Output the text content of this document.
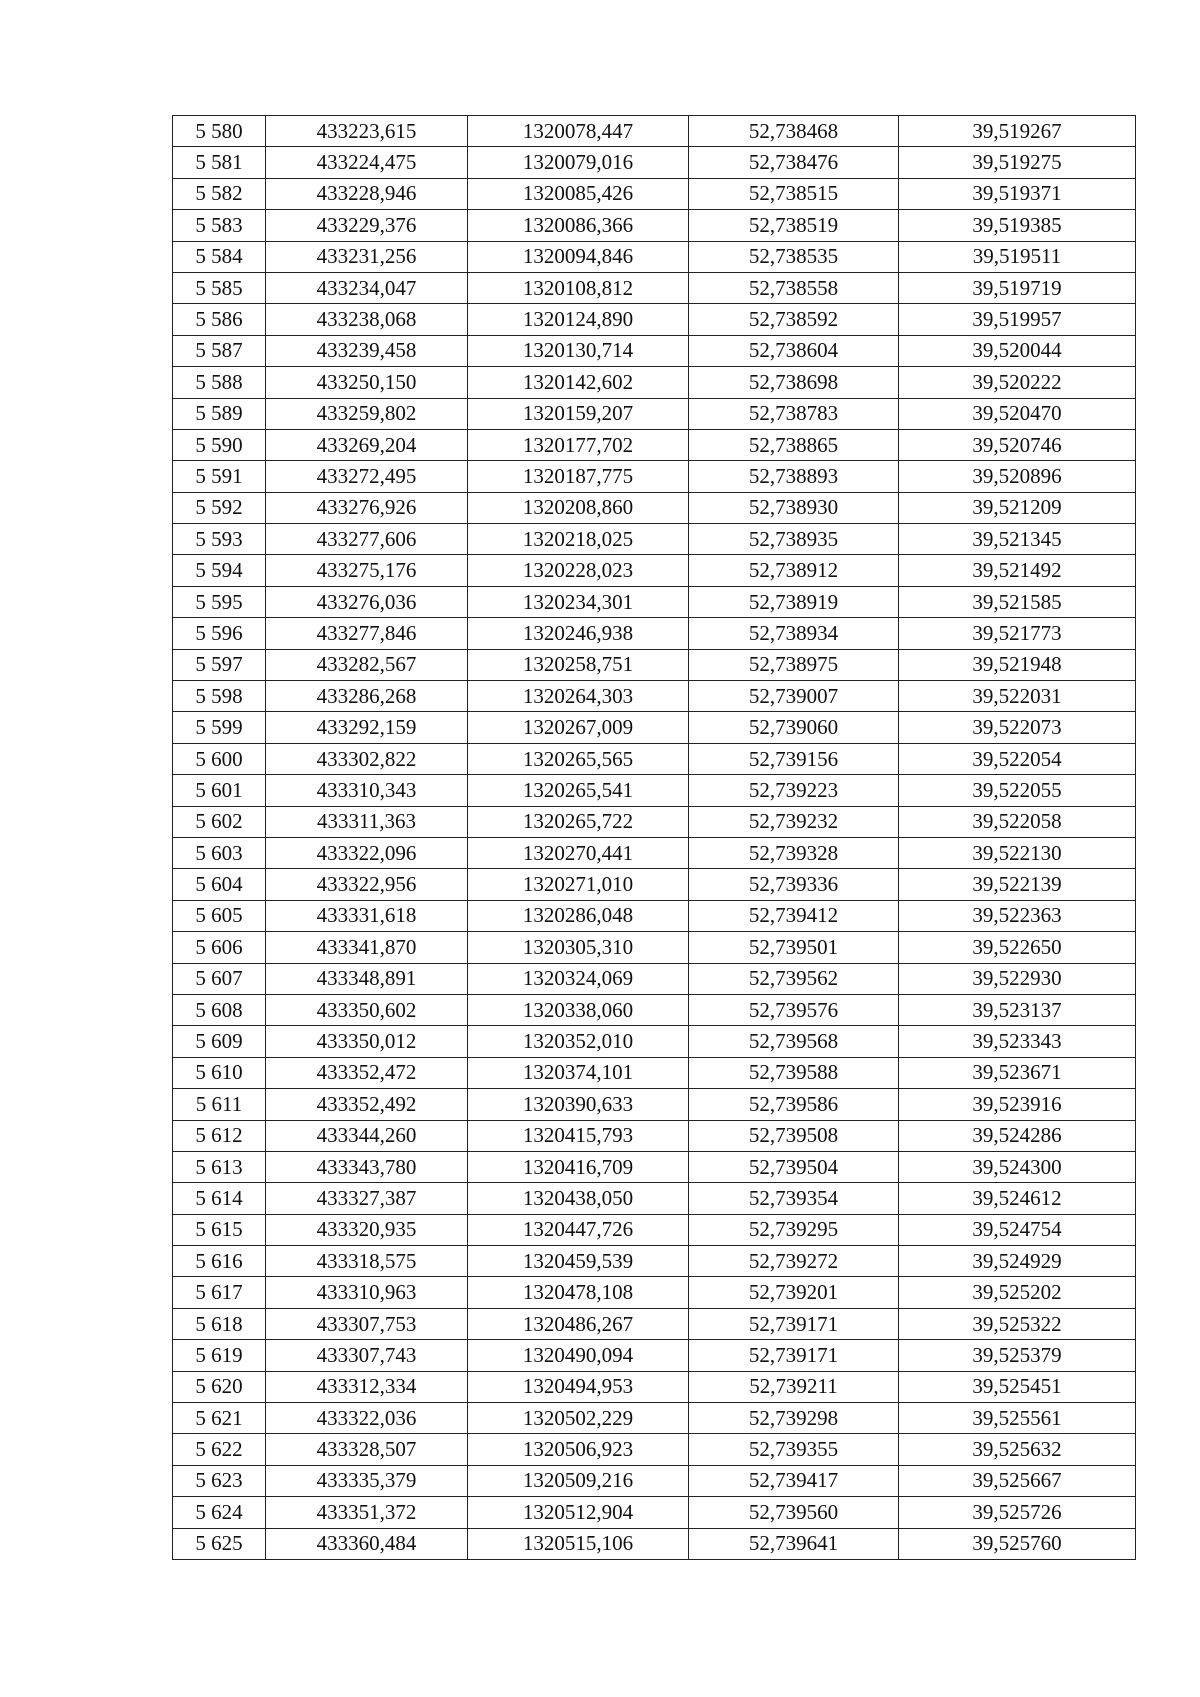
5 580	433223,615	1320078,447	52,738468	39,519267
5 581	433224,475	1320079,016	52,738476	39,519275
5 582	433228,946	1320085,426	52,738515	39,519371
5 583	433229,376	1320086,366	52,738519	39,519385
5 584	433231,256	1320094,846	52,738535	39,519511
5 585	433234,047	1320108,812	52,738558	39,519719
5 586	433238,068	1320124,890	52,738592	39,519957
5 587	433239,458	1320130,714	52,738604	39,520044
5 588	433250,150	1320142,602	52,738698	39,520222
5 589	433259,802	1320159,207	52,738783	39,520470
5 590	433269,204	1320177,702	52,738865	39,520746
5 591	433272,495	1320187,775	52,738893	39,520896
5 592	433276,926	1320208,860	52,738930	39,521209
5 593	433277,606	1320218,025	52,738935	39,521345
5 594	433275,176	1320228,023	52,738912	39,521492
5 595	433276,036	1320234,301	52,738919	39,521585
5 596	433277,846	1320246,938	52,738934	39,521773
5 597	433282,567	1320258,751	52,738975	39,521948
5 598	433286,268	1320264,303	52,739007	39,522031
5 599	433292,159	1320267,009	52,739060	39,522073
5 600	433302,822	1320265,565	52,739156	39,522054
5 601	433310,343	1320265,541	52,739223	39,522055
5 602	433311,363	1320265,722	52,739232	39,522058
5 603	433322,096	1320270,441	52,739328	39,522130
5 604	433322,956	1320271,010	52,739336	39,522139
5 605	433331,618	1320286,048	52,739412	39,522363
5 606	433341,870	1320305,310	52,739501	39,522650
5 607	433348,891	1320324,069	52,739562	39,522930
5 608	433350,602	1320338,060	52,739576	39,523137
5 609	433350,012	1320352,010	52,739568	39,523343
5 610	433352,472	1320374,101	52,739588	39,523671
5 611	433352,492	1320390,633	52,739586	39,523916
5 612	433344,260	1320415,793	52,739508	39,524286
5 613	433343,780	1320416,709	52,739504	39,524300
5 614	433327,387	1320438,050	52,739354	39,524612
5 615	433320,935	1320447,726	52,739295	39,524754
5 616	433318,575	1320459,539	52,739272	39,524929
5 617	433310,963	1320478,108	52,739201	39,525202
5 618	433307,753	1320486,267	52,739171	39,525322
5 619	433307,743	1320490,094	52,739171	39,525379
5 620	433312,334	1320494,953	52,739211	39,525451
5 621	433322,036	1320502,229	52,739298	39,525561
5 622	433328,507	1320506,923	52,739355	39,525632
5 623	433335,379	1320509,216	52,739417	39,525667
5 624	433351,372	1320512,904	52,739560	39,525726
5 625	433360,484	1320515,106	52,739641	39,525760
